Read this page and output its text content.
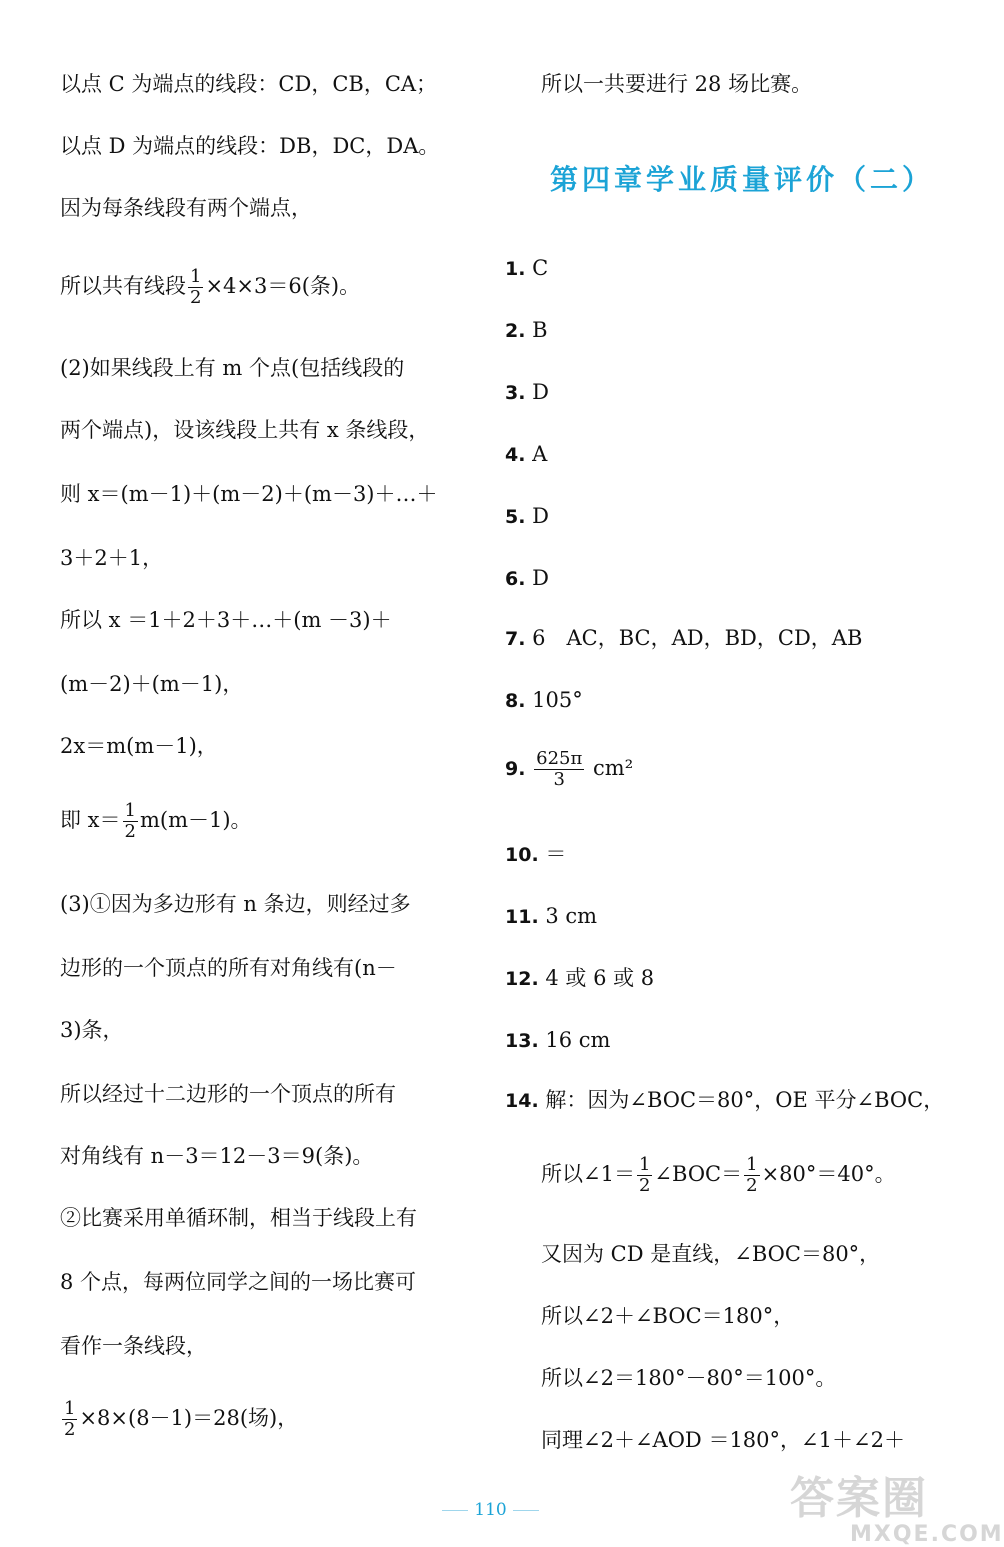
以点 C 为端点的线段：CD，CB，CA；
以点 D 为端点的线段：DB，DC，DA。
因为每条线段有两个端点，
所以共有线段 $\frac{1}{2} \times 4\times 3=6$(条)。
(2)如果线段上有 m 个点(包括线段的
两个端点)，设该线段上共有 x 条线段，
则 x＝(m－1)＋(m－2)＋(m－3)＋…＋
3＋2＋1，
所以 x ＝1＋2＋3＋…＋(m －3)＋
(m－2)＋(m－1)，
2x＝m(m－1)，
即 $x= \frac{1}{2} m(m-1)$。
(3)①因为多边形有 n 条边，则经过多
边形的一个顶点的所有对角线有(n－
3)条，
所以经过十二边形的一个顶点的所有
对角线有 n－3＝12－3＝9(条)。
②比赛采用单循环制，相当于线段上有
8 个点，每两位同学之间的一场比赛可
看作一条线段，
$\frac{1}{2} \times 8\times(8-1)=28$(场)，
所以一共要进行 28 场比赛。
1. C
2. B
3. D
4. A
5. D
6. D
7. 6　AC，BC，AD，BD，CD，AB
8. 105°
9. $\frac{625\pi}{3} cm^2$
10. ＝
11. 3 cm
12. 4 或 6 或 8
13. 16 cm
14. 解：因为∠BOC＝80°，OE 平分∠BOC，
所以∠1＝ $\frac{1}{2}$ ∠BOC＝ $\frac{1}{2} \times 80^\circ=40^\circ$。
又因为 CD 是直线，∠BOC＝80°，
所以∠2＋∠BOC＝180°，
所以∠2＝180°－80°＝100°。
同理∠2＋∠AOD ＝180°，∠1＋∠2＋
第四章学业质量评价（二）
110	答案圈
MXQE.COM
